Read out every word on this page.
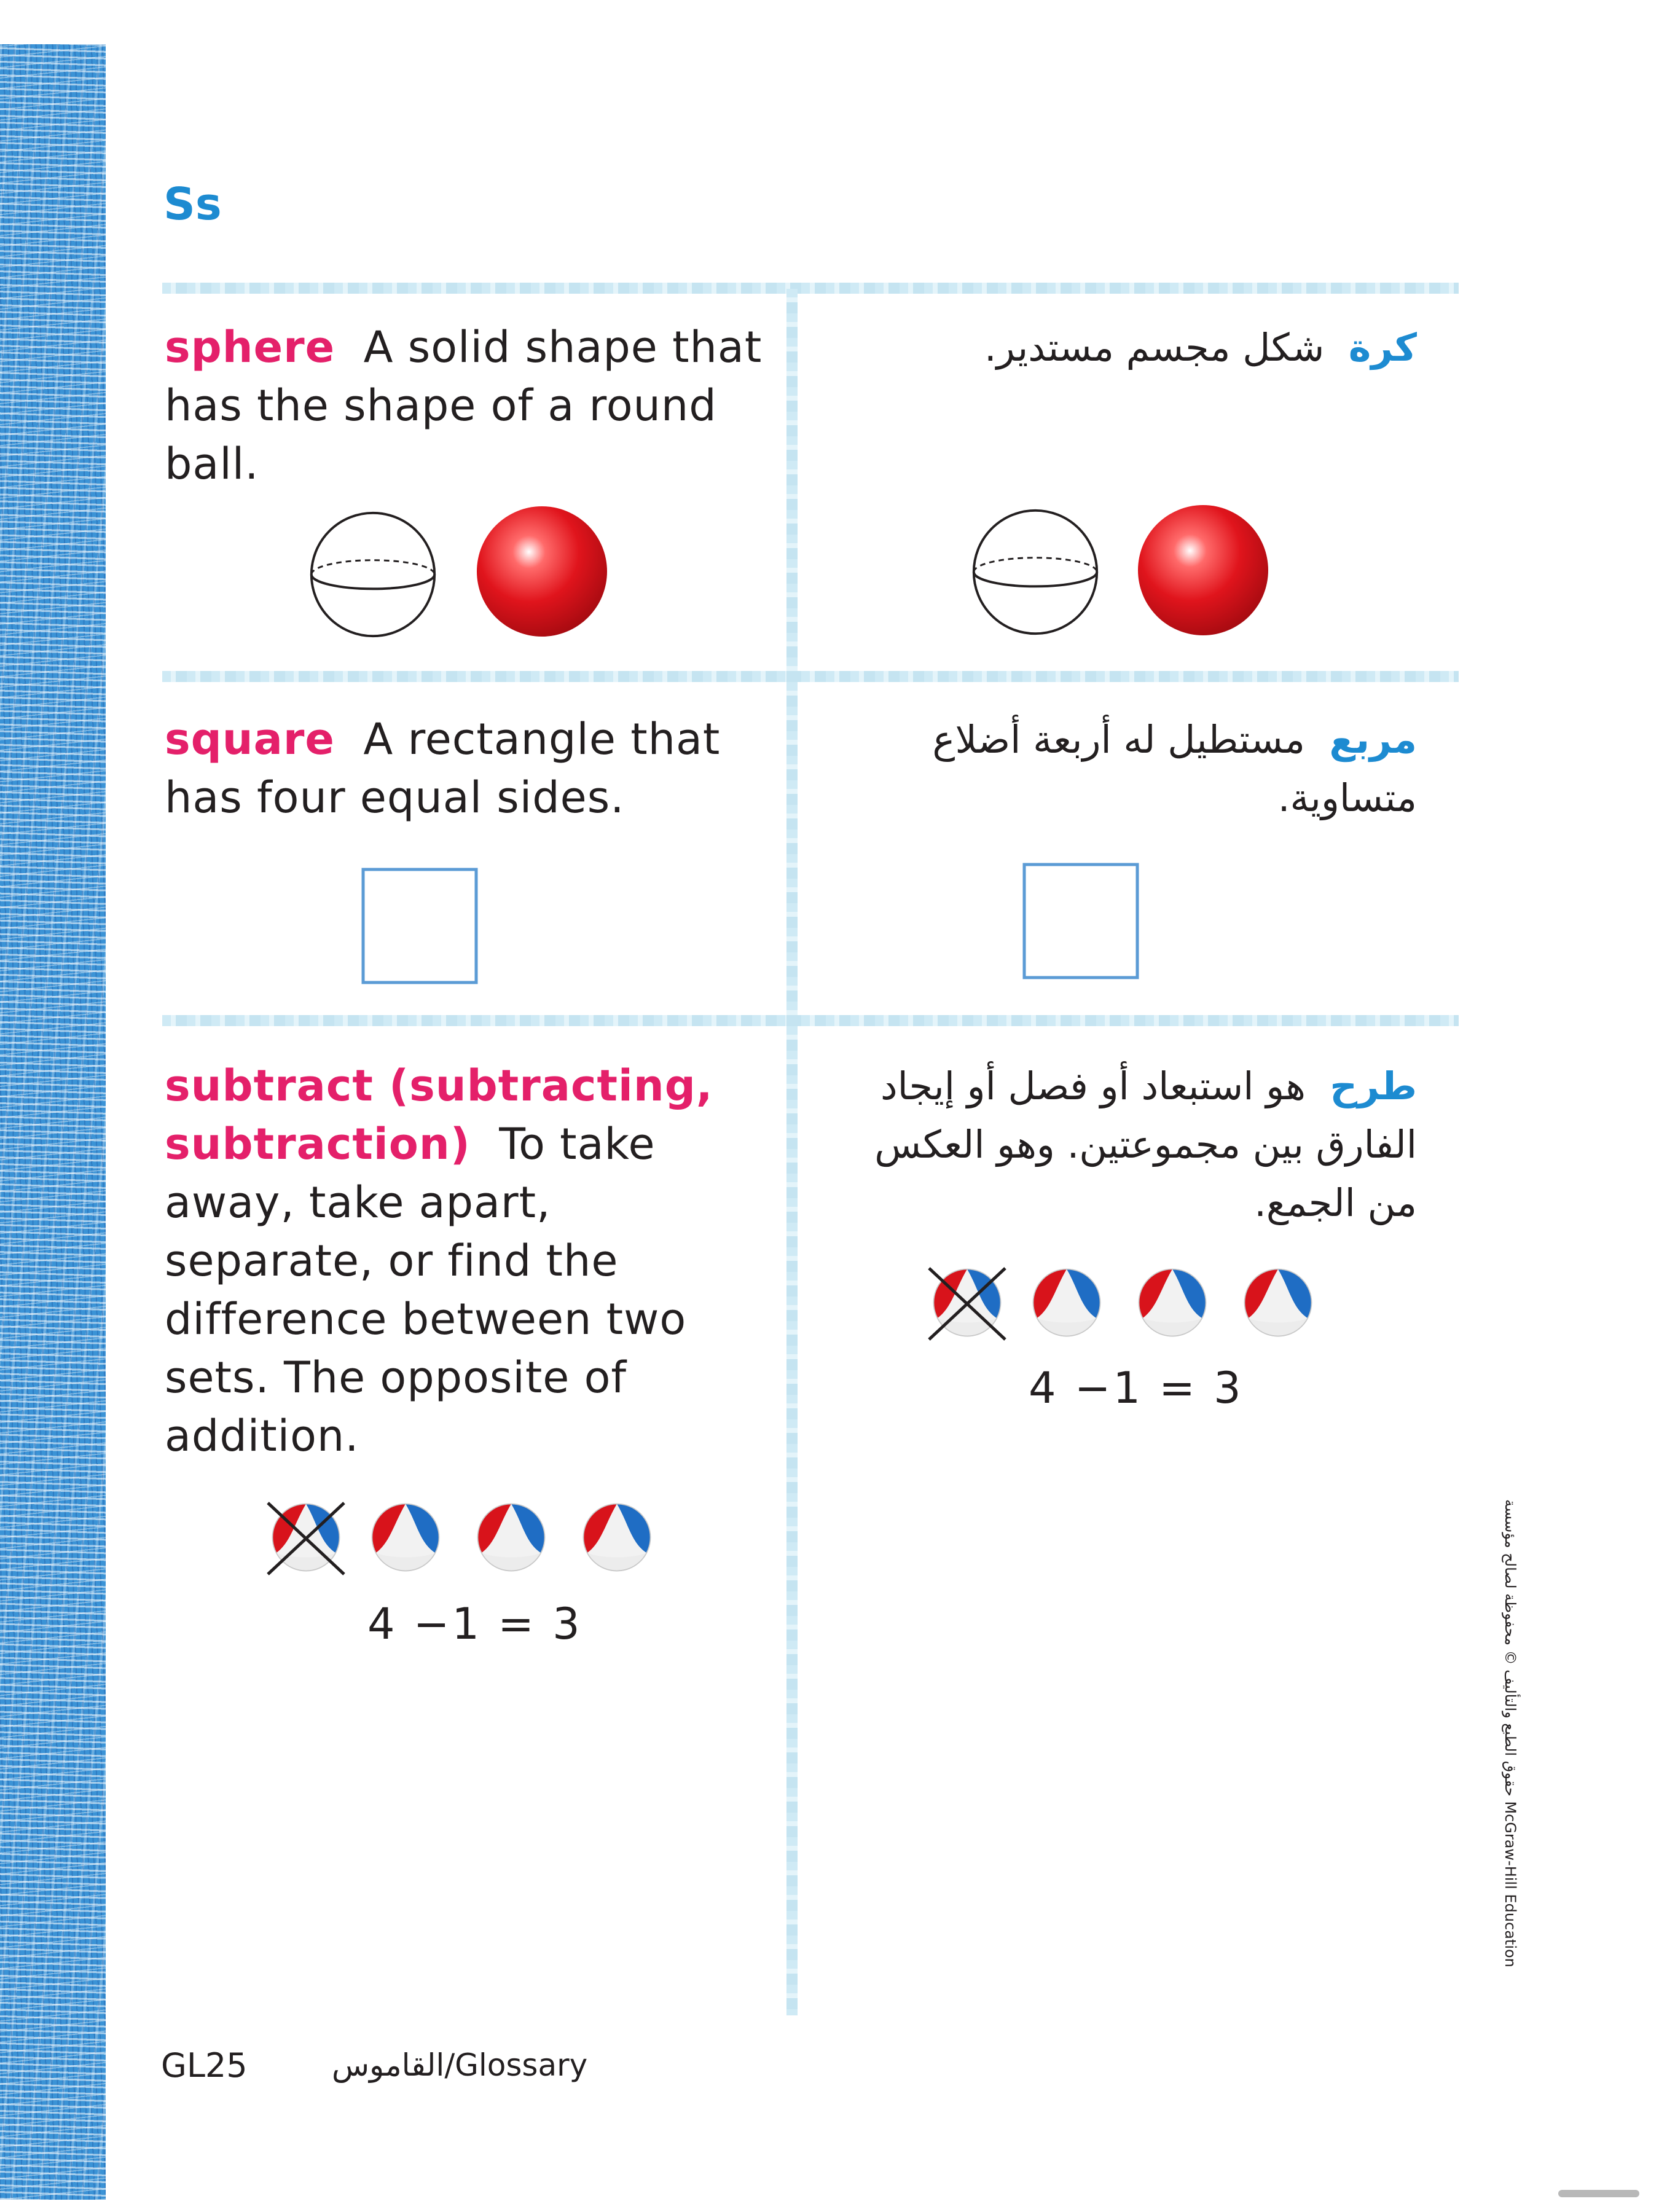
Ss
sphere A solid shape that has the shape of a round ball.
كرة  شكل مجسم مستدير.
square A rectangle that has four equal sides.
مربع  مستطيل له أربعة أضلاع متساوية.
subtract (subtracting, subtraction) To take away, take apart, separate, or find the difference between two sets. The opposite of addition.
طرح  هو استبعاد أو فصل أو إيجاد الفارق بين مجموعتين. وهو العكس من الجمع.
4 −1 = 3
4 −1 = 3
GL25	القاموس/Glossary
حقوق الطبع والتأليف © محفوظة لصالح مؤسسة McGraw-Hill Education
